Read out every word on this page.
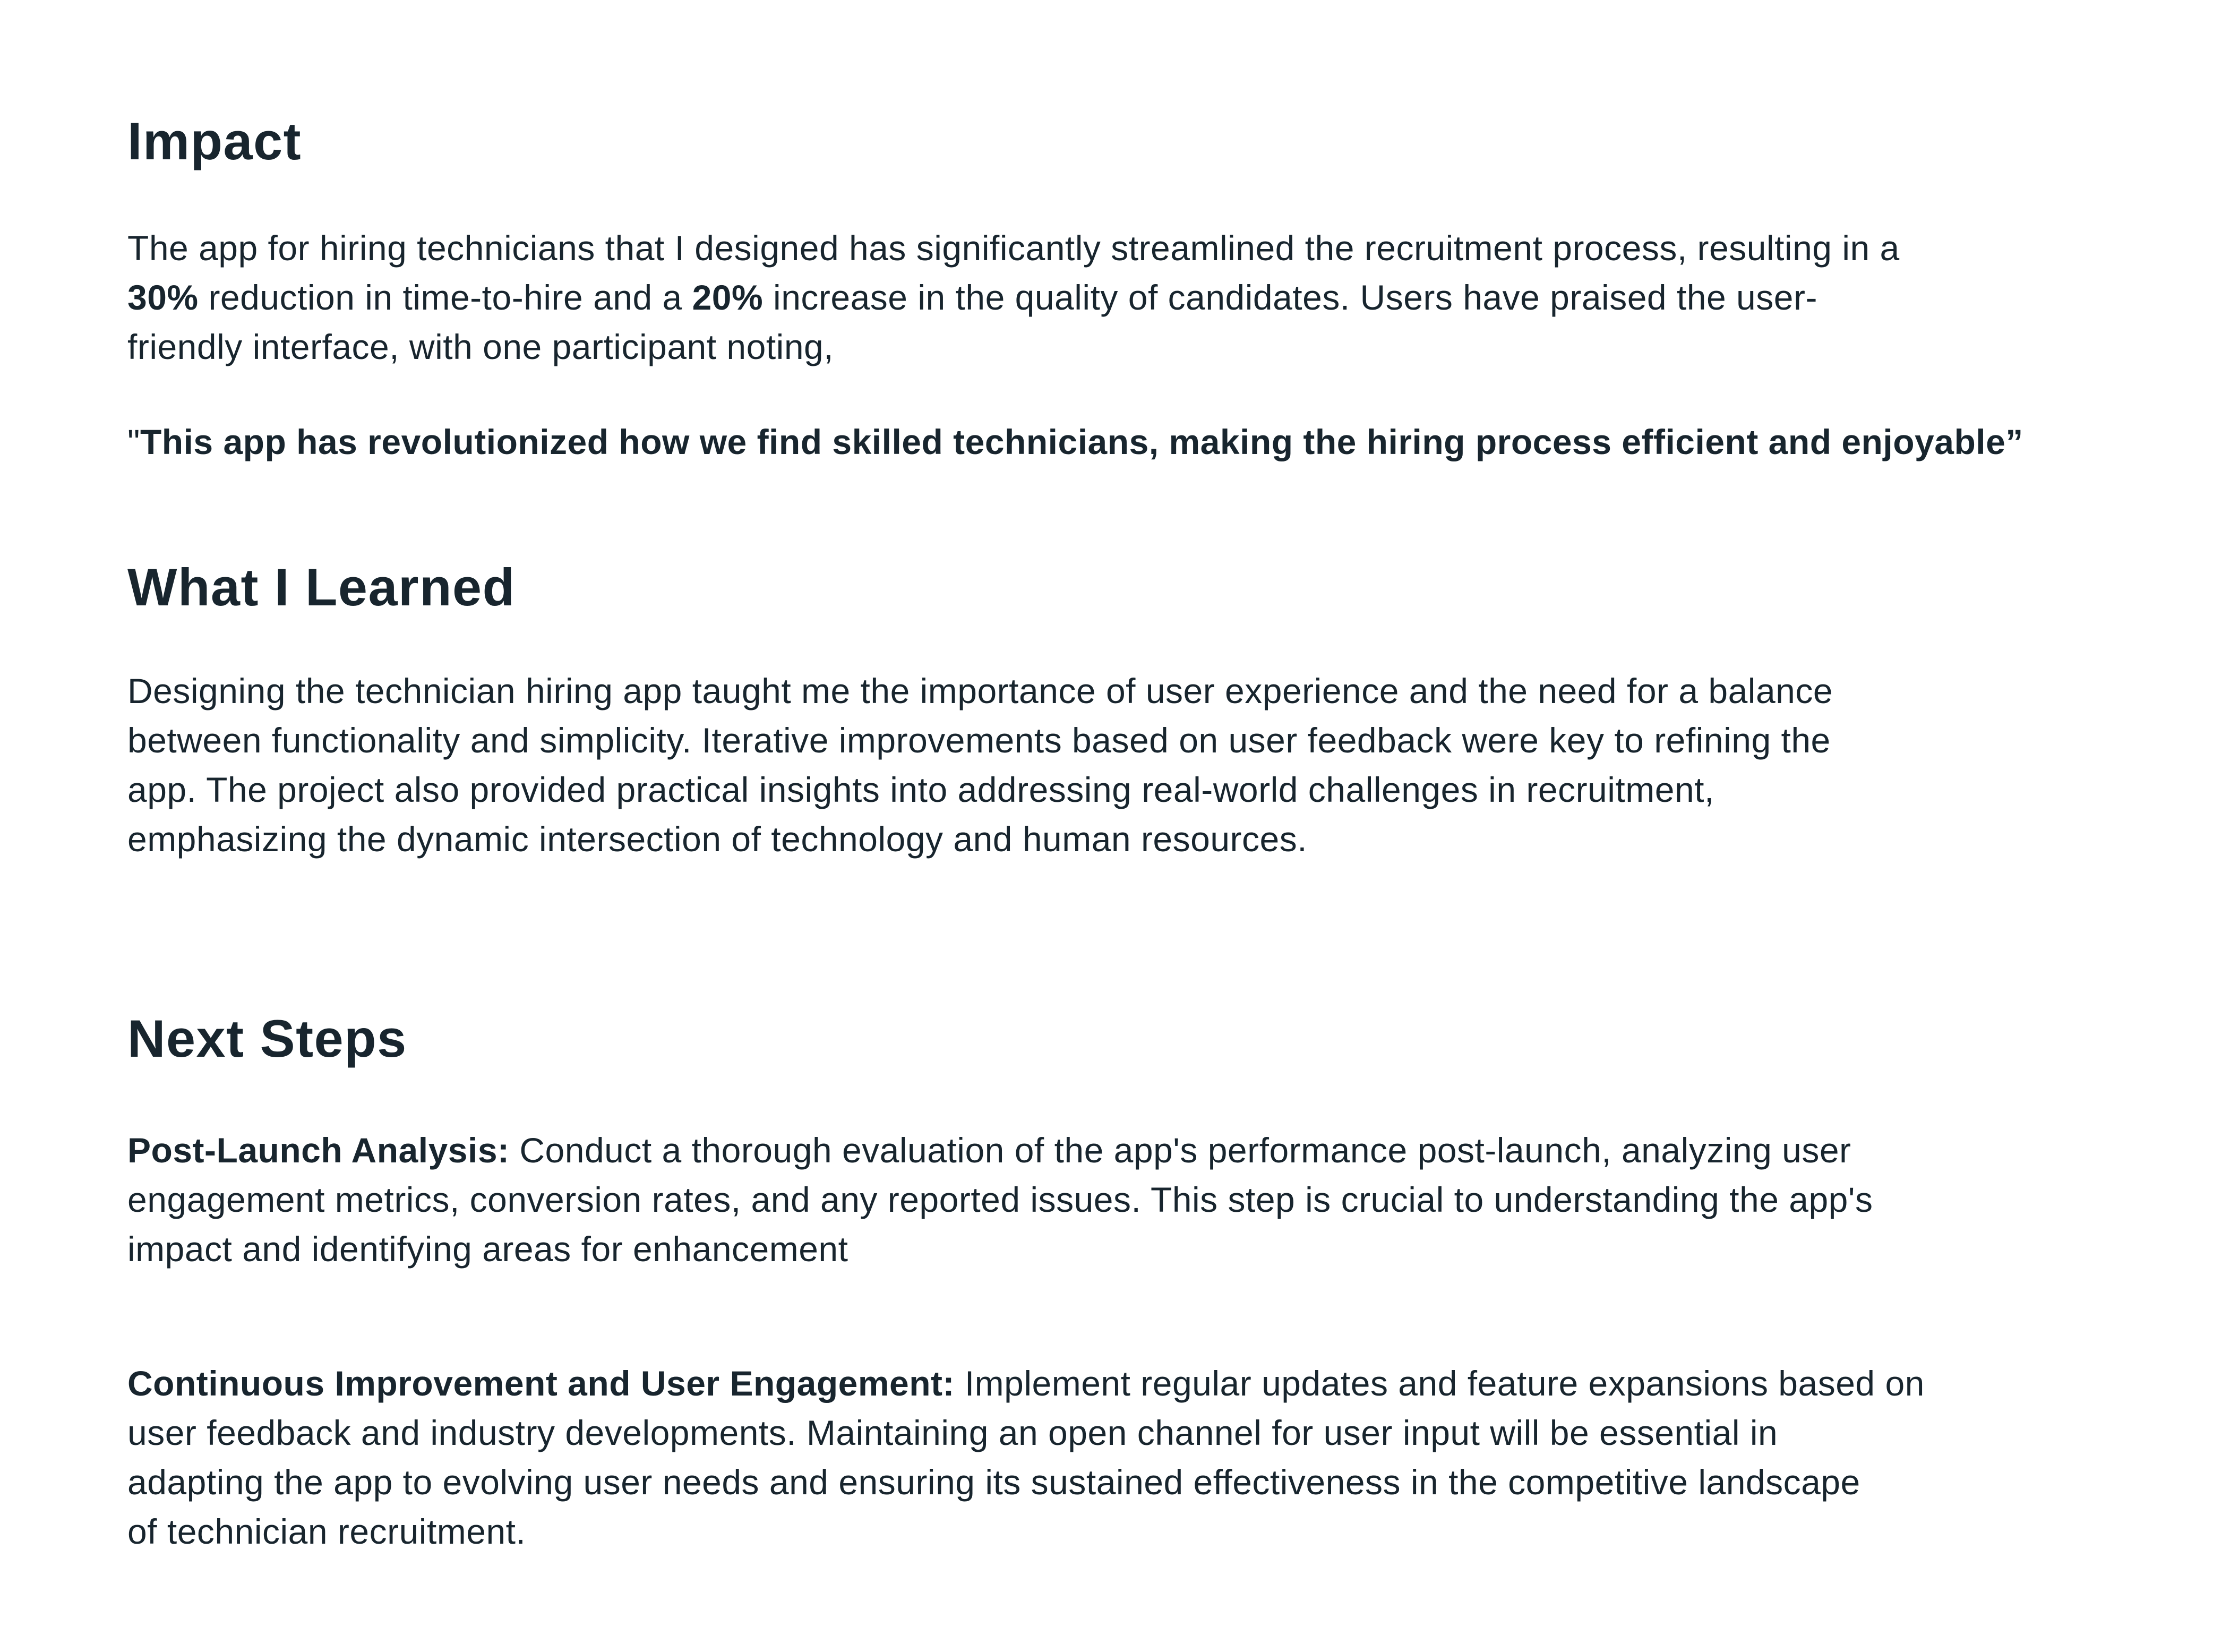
Impact
The app for hiring technicians that I designed has significantly streamlined the recruitment process, resulting in a
30% reduction in time-to-hire and a 20% increase in the quality of candidates. Users have praised the user-
friendly interface, with one participant noting,
"This app has revolutionized how we find skilled technicians, making the hiring process efficient and enjoyable”
What I Learned
Designing the technician hiring app taught me the importance of user experience and the need for a balance
between functionality and simplicity. Iterative improvements based on user feedback were key to refining the
app. The project also provided practical insights into addressing real-world challenges in recruitment,
emphasizing the dynamic intersection of technology and human resources.
Next Steps
Post-Launch Analysis: Conduct a thorough evaluation of the app's performance post-launch, analyzing user
engagement metrics, conversion rates, and any reported issues. This step is crucial to understanding the app's
impact and identifying areas for enhancement
Continuous Improvement and User Engagement: Implement regular updates and feature expansions based on
user feedback and industry developments. Maintaining an open channel for user input will be essential in
adapting the app to evolving user needs and ensuring its sustained effectiveness in the competitive landscape
of technician recruitment.
